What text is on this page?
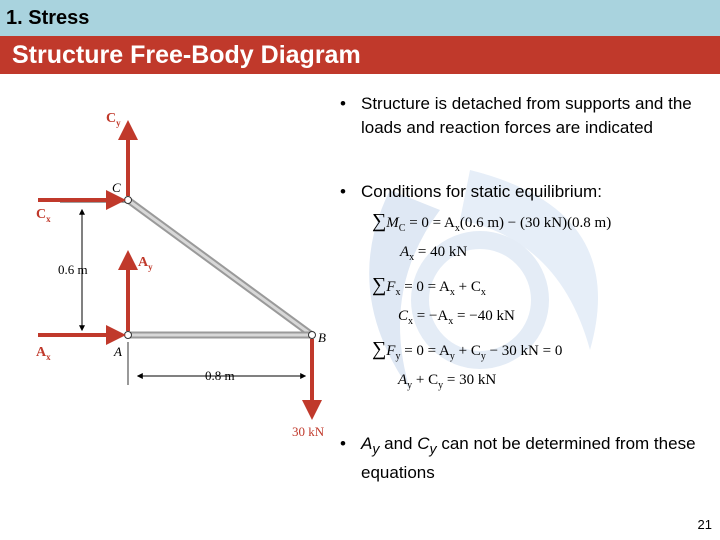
1. Stress
Structure Free-Body Diagram
0.6 m
0.8 m
$C_y$
C
$C_x$
$A_y$
$A_x$	A
B
30 kN
• Structure is detached from supports and the loads and reaction forces are indicated
• Conditions for static equilibrium:
• $A_y$ and $C_y$ can not be determined from these equations
$\sum M_C = 0 = A_x(0.6$ m) − (30 kN)(0.8 m)
$A_x = 40$ kN
$\sum F_x = 0 = A_x + C_x$
$C_x = -A_x = -40$ kN
$\sum F_y = 0 = A_y + C_y - 30$ kN = 0
$A_y + C_y = 30$ kN
21
